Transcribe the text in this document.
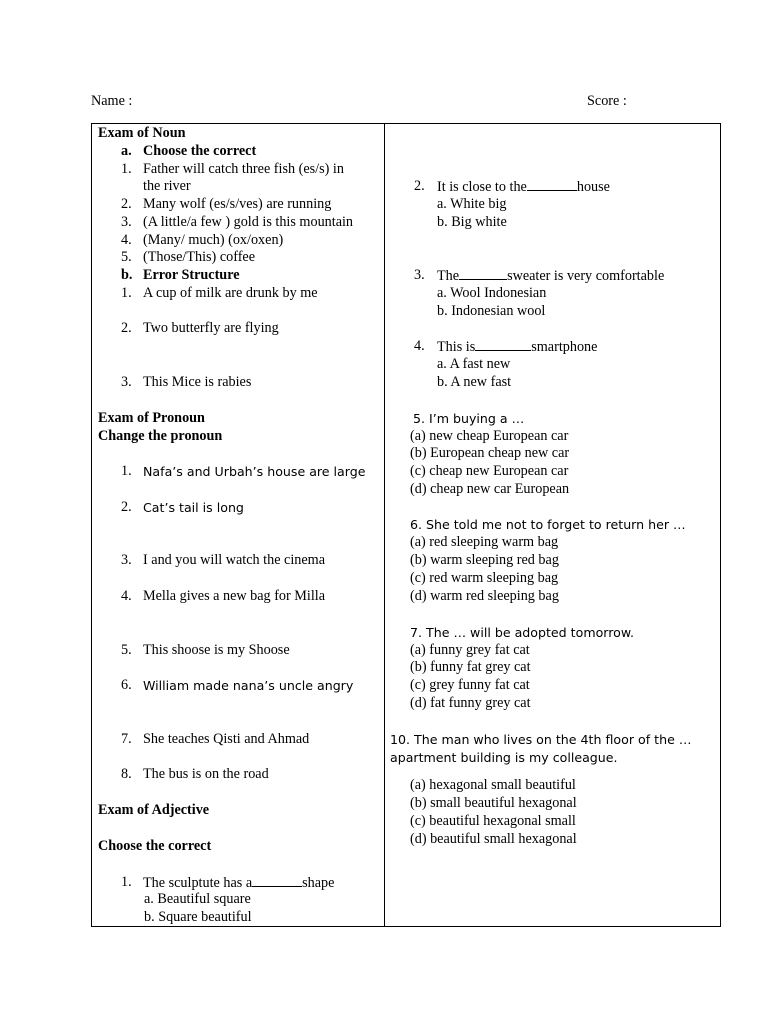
Name :	Score :
Exam of Noun
a. Choose the correct
1. Father will catch three fish (es/s) in
the river
2. Many wolf (es/s/ves) are running
3. (A little/a few ) gold is this mountain
4. (Many/ much) (ox/oxen)
5. (Those/This) coffee
b. Error Structure
1. A cup of milk are drunk by me
2. Two butterfly are flying
3. This Mice is rabies
Exam of Pronoun
Change the pronoun
1. Nafa’s and Urbah’s house are large
2. Cat’s tail is long
3. I and you will watch the cinema
4. Mella gives a new bag for Milla
5. This shoose is my Shoose
6. William made nana’s uncle angry
7. She teaches Qisti and Ahmad
8. The bus is on the road
Exam of Adjective
Choose the correct
1. The sculptute has a	shape
a. Beautiful square
b. Square beautiful
2. It is close to the	house
a. White big
b. Big white
3. The	sweater is very comfortable
a. Wool Indonesian
b. Indonesian wool
4. This is	smartphone
a. A fast new
b. A new fast
5. I’m buying a …
(a) new cheap European car
(b) European cheap new car
(c) cheap new European car
(d) cheap new car European
6. She told me not to forget to return her …
(a) red sleeping warm bag
(b) warm sleeping red bag
(c) red warm sleeping bag
(d) warm red sleeping bag
7. The … will be adopted tomorrow.
(a) funny grey fat cat
(b) funny fat grey cat
(c) grey funny fat cat
(d) fat funny grey cat
10. The man who lives on the 4th floor of the …
apartment building is my colleague.
(a) hexagonal small beautiful
(b) small beautiful hexagonal
(c) beautiful hexagonal small
(d) beautiful small hexagonal
